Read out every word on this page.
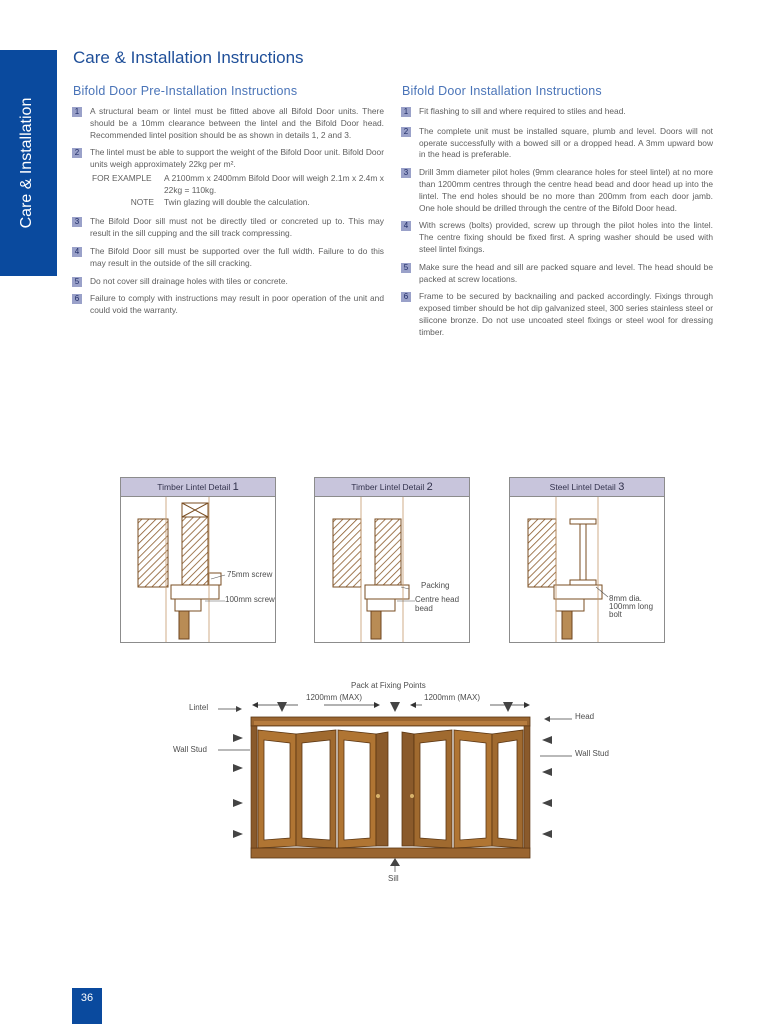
Care & Installation
Care & Installation Instructions
Bifold Door Pre-Installation Instructions
1	A structural beam or lintel must be fitted above all Bifold Door units. There should be a 10mm clearance between the lintel and the Bifold Door head. Recommended lintel position should be as shown in details 1, 2 and 3.
2	The lintel must be able to support the weight of the Bifold Door unit. Bifold Door units weigh approximately 22kg per m².
FOR EXAMPLE	A 2100mm x 2400mm Bifold Door will weigh 2.1m x 2.4m x 22kg = 110kg.
NOTE	Twin glazing will double the calculation.
3	The Bifold Door sill must not be directly tiled or concreted up to. This may result in the sill cupping and the sill track compressing.
4	The Bifold Door sill must be supported over the full width. Failure to do this may result in the outside of the sill cracking.
5	Do not cover sill drainage holes with tiles or concrete.
6	Failure to comply with instructions may result in poor operation of the unit and could void the warranty.
Bifold Door Installation Instructions
1	Fit flashing to sill and where required to stiles and head.
2	The complete unit must be installed square, plumb and level. Doors will not operate successfully with a bowed sill or a dropped head. A 3mm upward bow in the head is preferable.
3	Drill 3mm diameter pilot holes (9mm clearance holes for steel lintel) at no more than 1200mm centres through the centre head bead and door head up into the lintel. The end holes should be no more than 200mm from each door jamb. One hole should be drilled through the centre of the Bifold Door head.
4	With screws (bolts) provided, screw up through the pilot holes into the lintel. The centre fixing should be fixed first. A spring washer should be used with steel lintel fixings.
5	Make sure the head and sill are packed square and level. The head should be packed at screw locations.
6	Frame to be secured by backnailing and packed accordingly. Fixings through exposed timber should be hot dip galvanized steel, 300 series stainless steel or silicone bronze. Do not use uncoated steel fixings or steel wool for dressing timber.
Timber Lintel Detail 1
75mm screw
100mm screw
Timber Lintel Detail 2
Packing
Centre head bead
Steel Lintel Detail 3
8mm dia.
100mm long
bolt
Pack at Fixing Points
1200mm (MAX)	1200mm (MAX)
Lintel
Wall Stud
Head
Wall Stud
Sill
36
